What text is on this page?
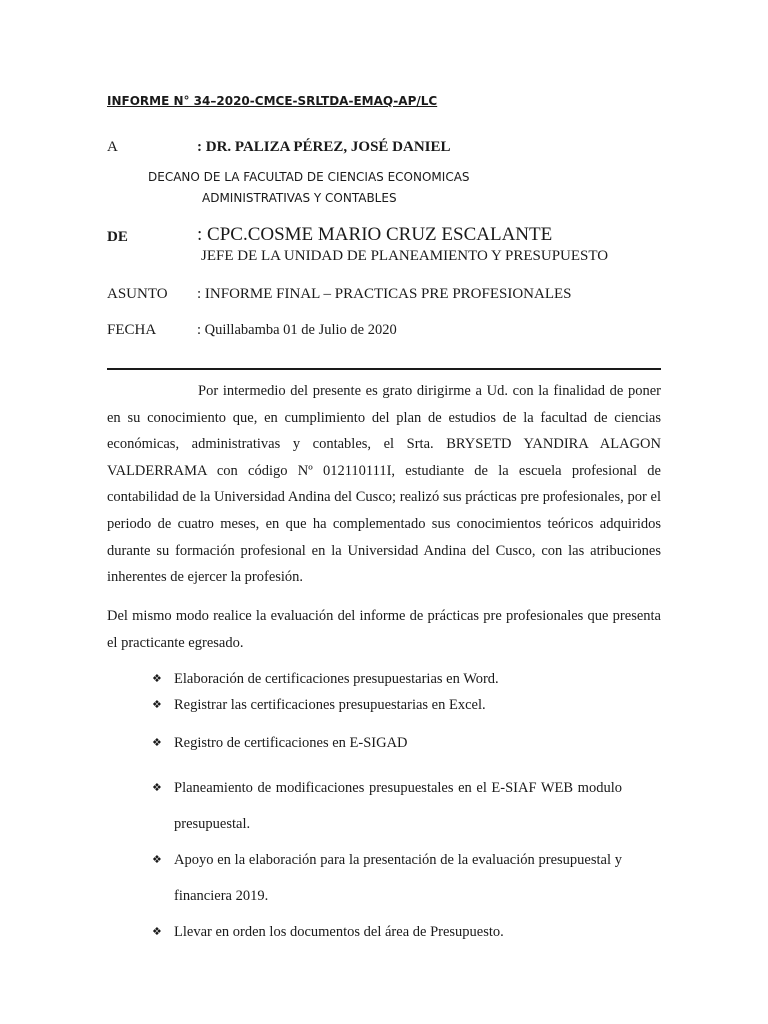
INFORME N° 34–2020-CMCE-SRLTDA-EMAQ-AP/LC
A	: DR. PALIZA PÉREZ, JOSÉ DANIEL
DECANO DE LA FACULTAD DE CIENCIAS ECONOMICAS
ADMINISTRATIVAS Y CONTABLES
DE	: CPC.COSME MARIO CRUZ ESCALANTE
JEFE DE LA UNIDAD DE PLANEAMIENTO Y PRESUPUESTO
ASUNTO : INFORME FINAL – PRACTICAS PRE PROFESIONALES
FECHA	: Quillabamba 01 de Julio de 2020

Por intermedio del presente es grato dirigirme a Ud. con la finalidad de poner en su conocimiento que, en cumplimiento del plan de estudios de la facultad de ciencias económicas, administrativas y contables, el Srta. BRYSETD YANDIRA ALAGON VALDERRAMA con código Nº 012110111I, estudiante de la escuela profesional de contabilidad de la Universidad Andina del Cusco; realizó sus prácticas pre profesionales, por el periodo de cuatro meses, en que ha complementado sus conocimientos teóricos adquiridos durante su formación profesional en la Universidad Andina del Cusco, con las atribuciones inherentes de ejercer la profesión.

Del mismo modo realice la evaluación del informe de prácticas pre profesionales que presenta el practicante egresado.

❖ Elaboración de certificaciones presupuestarias en Word.
❖ Registrar las certificaciones presupuestarias en Excel.
❖ Registro de certificaciones en E-SIGAD
❖ Planeamiento de modificaciones presupuestales en el E-SIAF WEB modulo presupuestal.
❖ Apoyo en la elaboración para la presentación de la evaluación presupuestal y financiera 2019.
❖ Llevar en orden los documentos del área de Presupuesto.
